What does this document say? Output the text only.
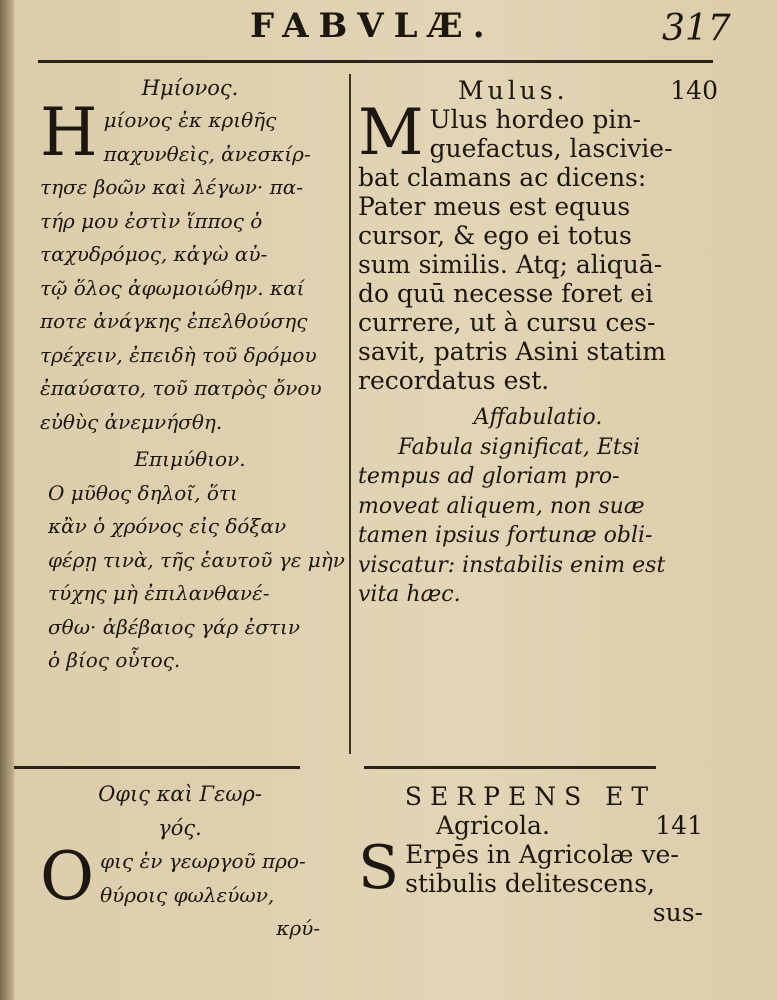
FABVLÆ.	317
Ημίονος.
Η μίονος ἐκ κριθῆς
παχυνθεὶς, ἀνεσκίρ-
τησε βοῶν καὶ λέγων· πα-
τήρ μου ἐστὶν ἵππος ὁ
ταχυδρόμος, κἀγὼ αὐ-
τῷ ὅλος ἀφωμοιώθην. καί
ποτε ἀνάγκης ἐπελθούσης
τρέχειν, ἐπειδὴ τοῦ δρόμου
ἐπαύσατο, τοῦ πατρὸς ὄνου
εὐθὺς ἀνεμνήσθη.
Επιμύθιον.
Ο μῦθος δηλοῖ, ὅτι
κἂν ὁ χρόνος εἰς δόξαν
φέρῃ τινὰ, τῆς ἑαυτοῦ γε μὴν
τύχης μὴ ἐπιλανθανέ-
σθω· ἀβέβαιος γάρ ἐστιν
ὁ βίος οὗτος.
Οφις καὶ Γεωρ-
γός.
O φις ἐν γεωργοῦ προ-
θύροις φωλεύων,
κρύ-
Mulus.	140
M Ulus hordeo pin-
guefactus, lascivie-
bat clamans ac dicens:
Pater meus est equus
cursor, & ego ei totus
sum similis. Atq; aliquā-
do quū necesse foret ei
currere, ut à cursu ces-
savit, patris Asini statim
recordatus est.
Affabulatio.
Fabula significat, Etsi
tempus ad gloriam pro-
moveat aliquem, non suæ
tamen ipsius fortunæ obli-
viscatur: instabilis enim est
vita hæc.
SERPENS ET
Agricola.	141
S Erpēs in Agricolæ ve-
stibulis delitescens,
sus-
